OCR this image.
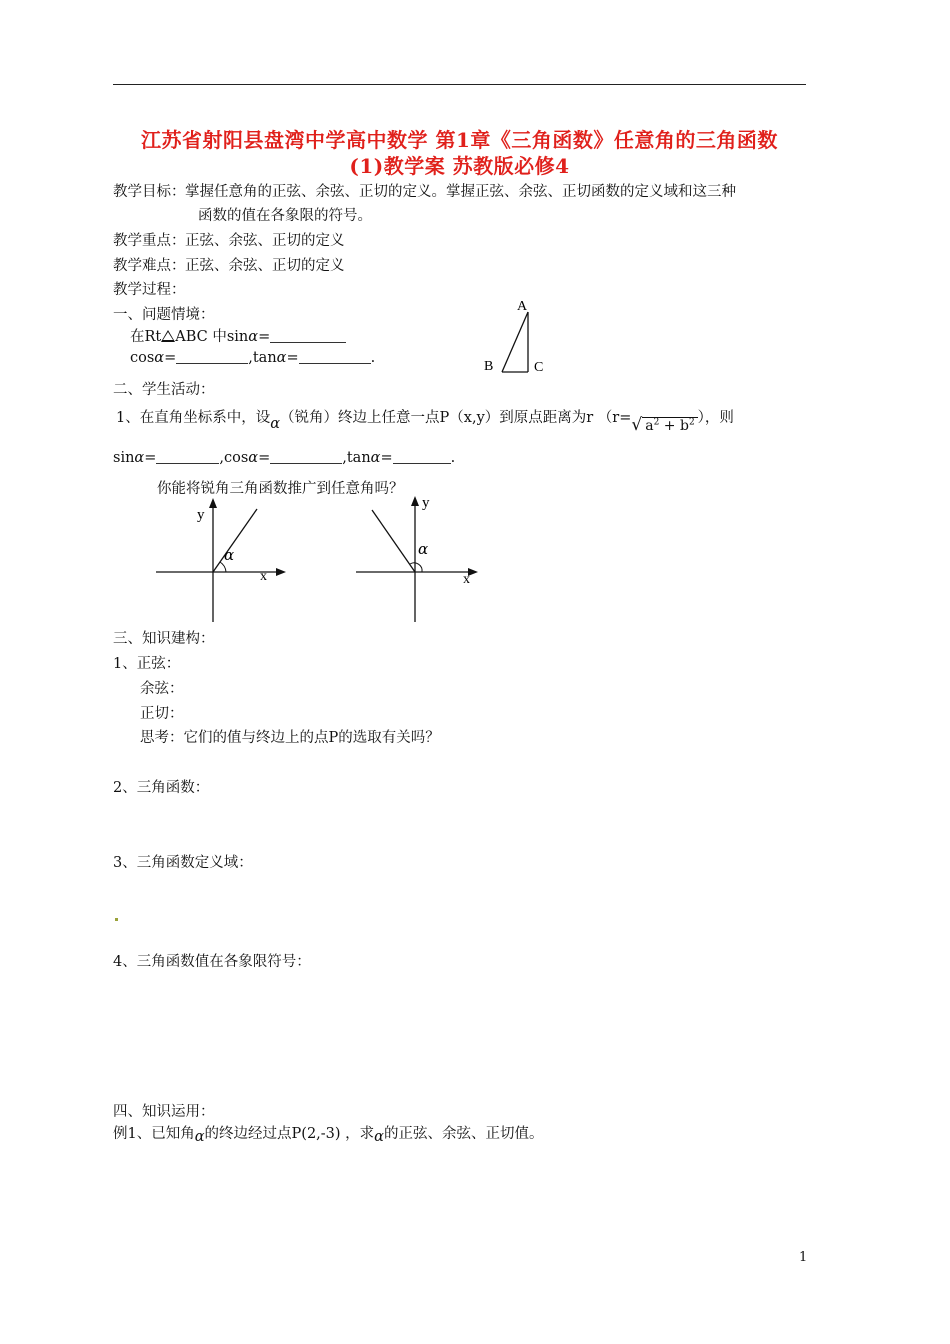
江苏省射阳县盘湾中学高中数学 第1章《三角函数》任意角的三角函数
(1)教学案 苏教版必修4
教学目标： 掌握任意角的正弦、余弦、正切的定义。掌握正弦、余弦、正切函数的定义域和这三种
函数的值在各象限的符号。
教学重点： 正弦、余弦、正切的定义
教学难点： 正弦、余弦、正切的定义
教学过程：
一、问题情境：
在Rt ABC 中sinα=
cosα=	,tanα=	.
A
B	C
二、学生活动：
1、在直角坐标系中，设α（锐角）终边上任意一点P（x,y）到原点距离为r （r=√ $a^2 + b^2$ ），则
sinα=	,cosα=	,tanα=	.
你能将锐角三角函数推广到任意角吗？
y
x
α
y
x
α
三、知识建构：
1、正弦：
余弦：
正切：
思考：它们的值与终边上的点P的选取有关吗？
2、三角函数：
3、三角函数定义域：
4、三角函数值在各象限符号：
四、知识运用：
例1、已知角α的终边经过点P(2,-3) ，求α的正弦、余弦、正切值。
1
